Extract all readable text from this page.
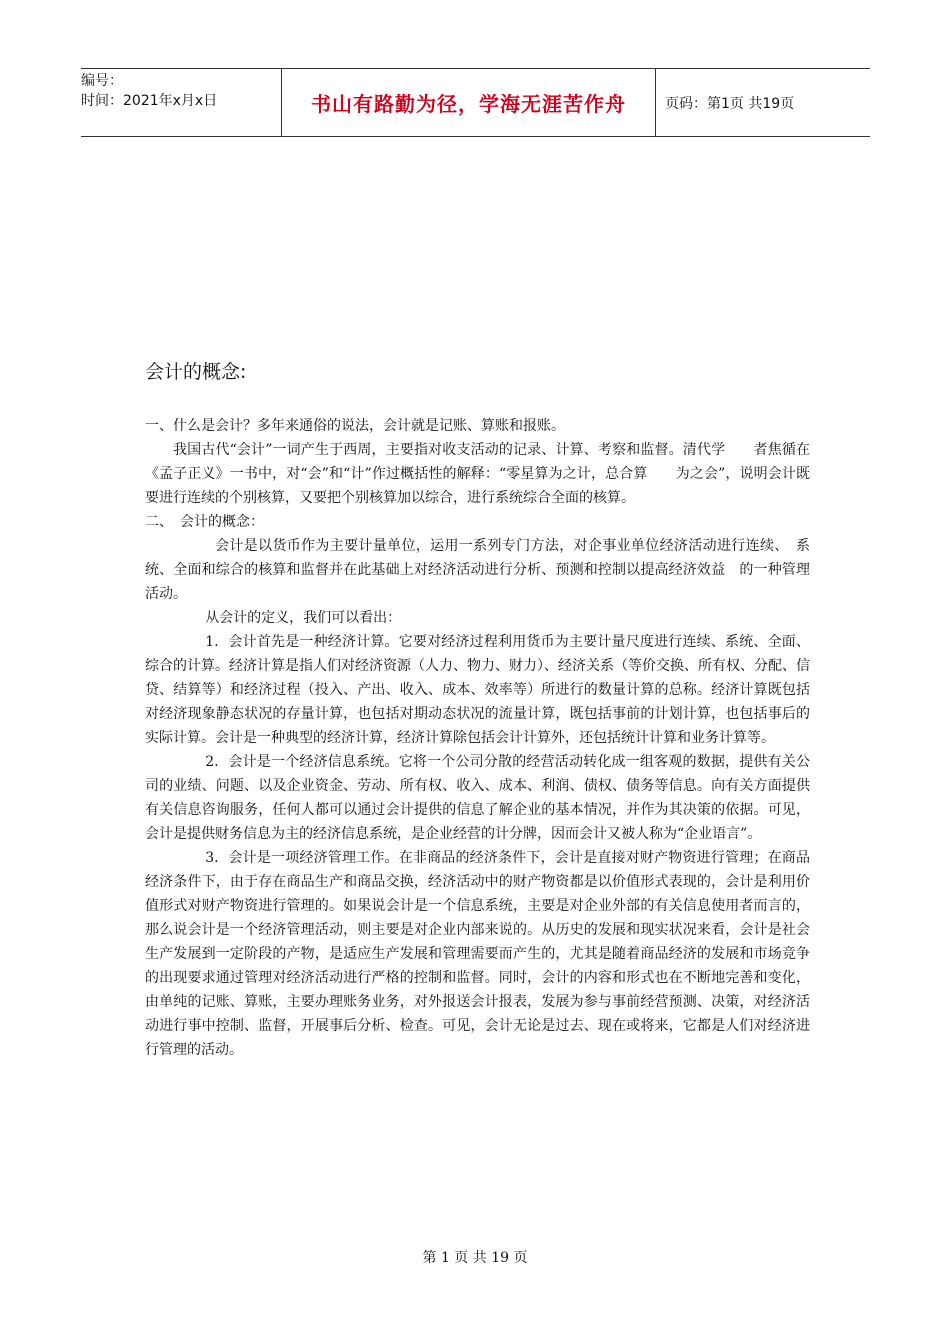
编号：
时间：2021年x月x日	书山有路勤为径，学海无涯苦作舟	页码：第1页 共19页
会计的概念:

一、什么是会计？多年来通俗的说法，会计就是记账、算账和报账。

我国古代“会计”一词产生于西周，主要指对收支活动的记录、计算、考察和监督。清代学　　者焦循在《孟子正义》一书中，对“会”和“计”作过概括性的解释：“零星算为之计，总合算　　为之会”，说明会计既要进行连续的个别核算，又要把个别核算加以综合，进行系统综合全面的核算。

二、　会计的概念：

会计是以货币作为主要计量单位，运用一系列专门方法，对企事业单位经济活动进行连续、　系统、全面和综合的核算和监督并在此基础上对经济活动进行分析、预测和控制以提高经济效益　的一种管理活动。

从会计的定义，我们可以看出：

1．会计首先是一种经济计算。它要对经济过程利用货币为主要计量尺度进行连续、系统、全面、综合的计算。经济计算是指人们对经济资源（人力、物力、财力）、经济关系（等价交换、所有权、分配、信贷、结算等）和经济过程（投入、产出、收入、成本、效率等）所进行的数量计算的总称。经济计算既包括对经济现象静态状况的存量计算，也包括对期动态状况的流量计算，既包括事前的计划计算，也包括事后的实际计算。会计是一种典型的经济计算，经济计算除包括会计计算外，还包括统计计算和业务计算等。

2．会计是一个经济信息系统。它将一个公司分散的经营活动转化成一组客观的数据，提供有关公司的业绩、问题、以及企业资金、劳动、所有权、收入、成本、利润、债权、债务等信息。向有关方面提供有关信息咨询服务，任何人都可以通过会计提供的信息了解企业的基本情况，并作为其决策的依据。可见，会计是提供财务信息为主的经济信息系统，是企业经营的计分牌，因而会计又被人称为“企业语言”。

3．会计是一项经济管理工作。在非商品的经济条件下，会计是直接对财产物资进行管理；在商品经济条件下，由于存在商品生产和商品交换，经济活动中的财产物资都是以价值形式表现的，会计是利用价值形式对财产物资进行管理的。如果说会计是一个信息系统，主要是对企业外部的有关信息使用者而言的，那么说会计是一个经济管理活动，则主要是对企业内部来说的。从历史的发展和现实状况来看，会计是社会生产发展到一定阶段的产物，是适应生产发展和管理需要而产生的，尤其是随着商品经济的发展和市场竞争的出现要求通过管理对经济活动进行严格的控制和监督。同时，会计的内容和形式也在不断地完善和变化，由单纯的记账、算账，主要办理账务业务，对外报送会计报表，发展为参与事前经营预测、决策，对经济活动进行事中控制、监督，开展事后分析、检查。可见，会计无论是过去、现在或将来，它都是人们对经济进行管理的活动。

第 1 页 共 19 页
